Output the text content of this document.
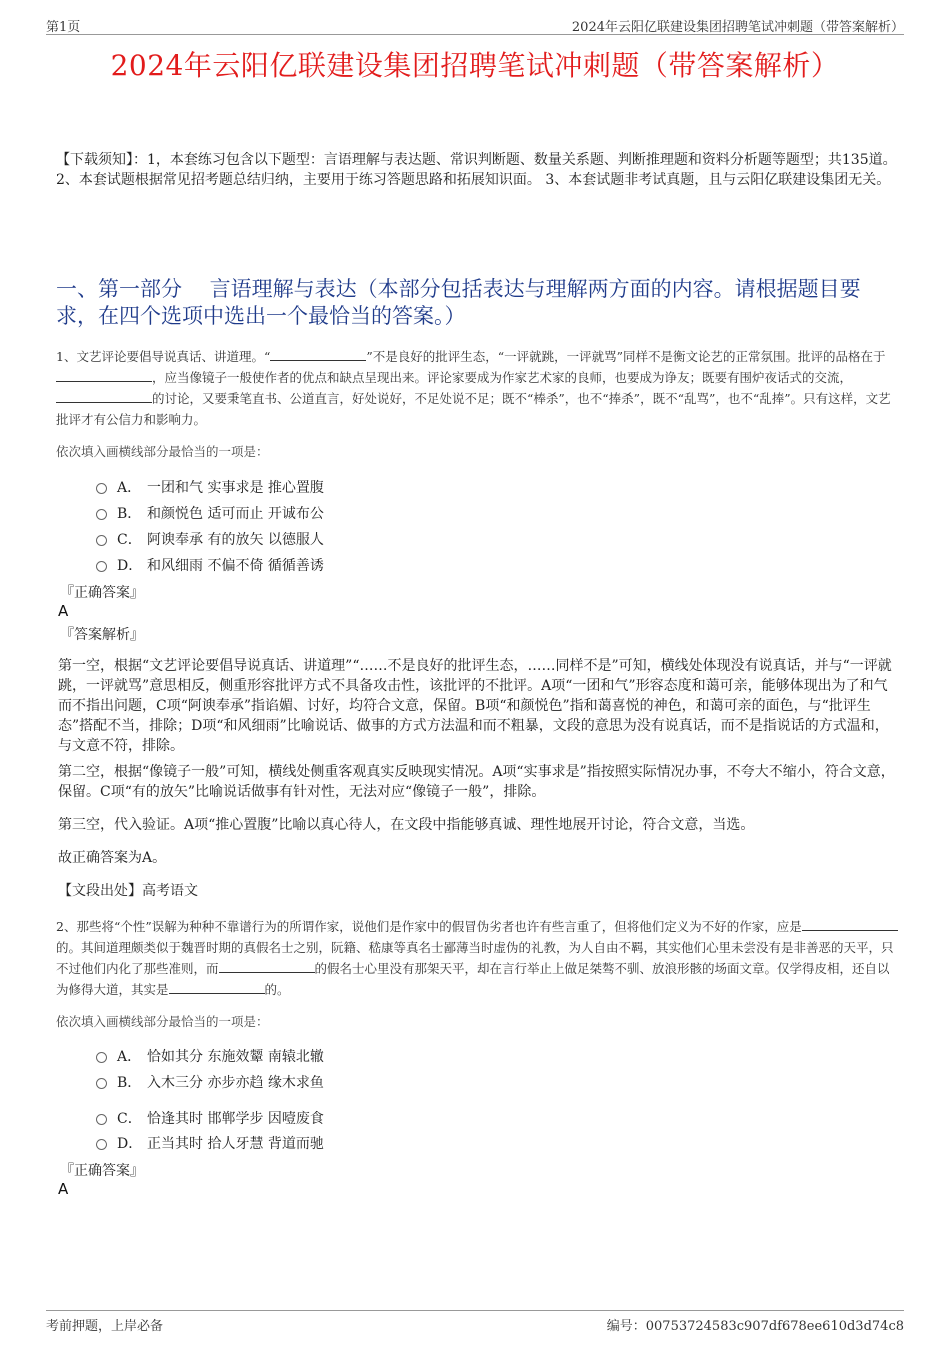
第1页	2024年云阳亿联建设集团招聘笔试冲刺题（带答案解析）
2024年云阳亿联建设集团招聘笔试冲刺题（带答案解析）
【下载须知】：1，本套练习包含以下题型：言语理解与表达题、常识判断题、数量关系题、判断推理题和资料分析题等题型；共135道。 2、本套试题根据常见招考题总结归纳，主要用于练习答题思路和拓展知识面。 3、本套试题非考试真题，且与云阳亿联建设集团无关。
一、第一部分　 言语理解与表达（本部分包括表达与理解两方面的内容。请根据题目要求，在四个选项中选出一个最恰当的答案。）
1、文艺评论要倡导说真话、讲道理。“	”不是良好的批评生态，“一评就跳，一评就骂”同样不是衡文论艺的正常氛围。批评的品格在于，应当像镜子一般使作者的优点和缺点呈现出来。评论家要成为作家艺术家的良师，也要成为诤友；既要有围炉夜话式的交流，的讨论，又要秉笔直书、公道直言，好处说好，不足处说不足；既不“棒杀”，也不“捧杀”，既不“乱骂”，也不“乱捧”。只有这样，文艺批评才有公信力和影响力。
依次填入画横线部分最恰当的一项是：
A． 一团和气 实事求是 推心置腹
B． 和颜悦色 适可而止 开诚布公
C． 阿谀奉承 有的放矢 以德服人
D． 和风细雨 不偏不倚 循循善诱
『正确答案』
A
『答案解析』
第一空，根据“文艺评论要倡导说真话、讲道理”“……不是良好的批评生态，……同样不是”可知，横线处体现没有说真话，并与“一评就跳，一评就骂”意思相反，侧重形容批评方式不具备攻击性，该批评的不批评。A项“一团和气”形容态度和蔼可亲，能够体现出为了和气而不指出问题，C项“阿谀奉承”指谄媚、讨好，均符合文意，保留。B项“和颜悦色”指和蔼喜悦的神色，和蔼可亲的面色，与“批评生态”搭配不当，排除；D项“和风细雨”比喻说话、做事的方式方法温和而不粗暴，文段的意思为没有说真话，而不是指说话的方式温和，与文意不符，排除。
第二空，根据“像镜子一般”可知，横线处侧重客观真实反映现实情况。A项“实事求是”指按照实际情况办事，不夸大不缩小，符合文意，保留。C项“有的放矢”比喻说话做事有针对性，无法对应“像镜子一般”，排除。
第三空，代入验证。A项“推心置腹”比喻以真心待人，在文段中指能够真诚、理性地展开讨论，符合文意，当选。
故正确答案为A。
【文段出处】高考语文
2、那些将“个性”误解为种种不靠谱行为的所谓作家，说他们是作家中的假冒伪劣者也许有些言重了，但将他们定义为不好的作家，应是的。其间道理颇类似于魏晋时期的真假名士之别，阮籍、嵇康等真名士鄙薄当时虚伪的礼教，为人自由不羁，其实他们心里未尝没有是非善恶的天平，只不过他们内化了那些准则，而	的假名士心里没有那架天平，却在言行举止上做足桀骜不驯、放浪形骸的场面文章。仅学得皮相，还自以为修得大道，其实是	的。
依次填入画横线部分最恰当的一项是：
A． 恰如其分 东施效颦 南辕北辙
B． 入木三分 亦步亦趋 缘木求鱼
C． 恰逢其时 邯郸学步 因噎废食
D． 正当其时 拾人牙慧 背道而驰
『正确答案』
A
考前押题，上岸必备	编号：00753724583c907df678ee610d3d74c8
